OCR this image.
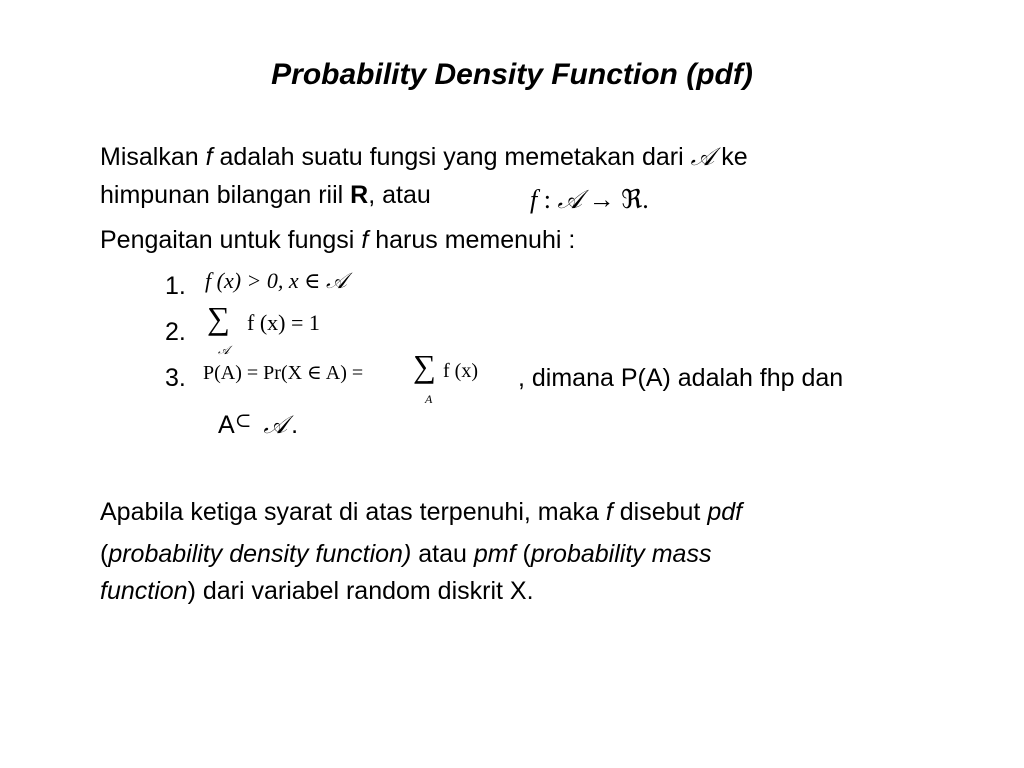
Probability Density Function (pdf)
Misalkan f adalah suatu fungsi yang memetakan dari 𝒜 ke
himpunan bilangan riil R, atau	f : 𝒜 → ℜ.
Pengaitan untuk fungsi f harus memenuhi :
1. f (x) > 0, x ∈ 𝒜
2. ∑ f (x) = 1
𝒜
3. P(A) = Pr(X ∈ A) = ∑ f (x)
A
, dimana P(A) adalah fhp dan
A⊂ 𝒜 .
Apabila ketiga syarat di atas terpenuhi, maka f disebut pdf
(probability density function) atau pmf (probability mass
function) dari variabel random diskrit X.
